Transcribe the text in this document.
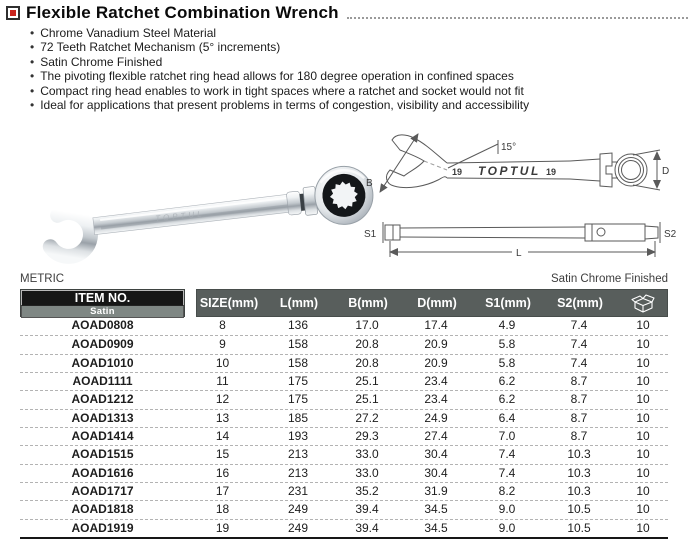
Flexible Ratchet Combination Wrench
• Chrome Vanadium Steel Material
• 72 Teeth Ratchet Mechanism (5° increments)
• Satin Chrome Finished
• The pivoting flexible ratchet ring head allows for 180 degree operation in confined spaces
• Compact ring head enables to work in tight spaces where a ratchet and socket would not fit
• Ideal for applications that present problems in terms of congestion, visibility and accessibility
TOPTUL
B
15°
19 TOPTUL 19	D
S1
L
S2
METRIC	Satin Chrome Finished
ITEM NO.
Satin
SIZE(mm)	L(mm)	B(mm)	D(mm)	S1(mm)	S2(mm)
AOAD0808	8	136	17.0	17.4	4.9	7.4	10
AOAD0909	9	158	20.8	20.9	5.8	7.4	10
AOAD1010	10	158	20.8	20.9	5.8	7.4	10
AOAD1111	11	175	25.1	23.4	6.2	8.7	10
AOAD1212	12	175	25.1	23.4	6.2	8.7	10
AOAD1313	13	185	27.2	24.9	6.4	8.7	10
AOAD1414	14	193	29.3	27.4	7.0	8.7	10
AOAD1515	15	213	33.0	30.4	7.4	10.3	10
AOAD1616	16	213	33.0	30.4	7.4	10.3	10
AOAD1717	17	231	35.2	31.9	8.2	10.3	10
AOAD1818	18	249	39.4	34.5	9.0	10.5	10
AOAD1919	19	249	39.4	34.5	9.0	10.5	10
